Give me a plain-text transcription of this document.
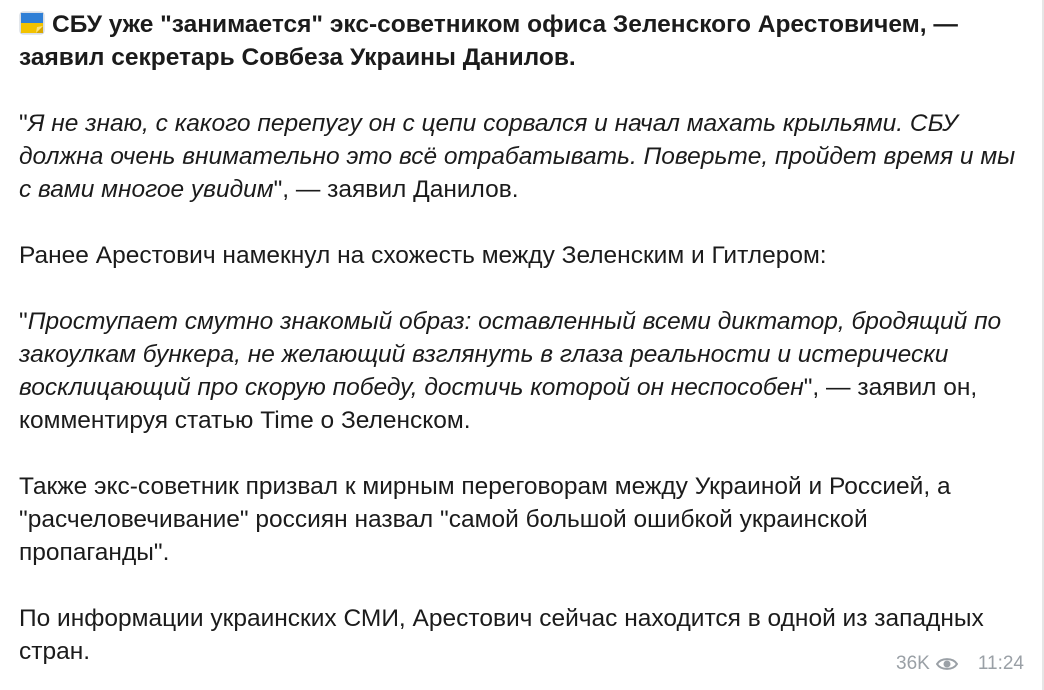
СБУ уже "занимается" экс-советником офиса Зеленского Арестовичем, — заявил секретарь Совбеза Украины Данилов.

"Я не знаю, с какого перепугу он с цепи сорвался и начал махать крыльями. СБУ должна очень внимательно это всё отрабатывать. Поверьте, пройдет время и мы с вами многое увидим", — заявил Данилов.

Ранее Арестович намекнул на схожесть между Зеленским и Гитлером:

"Проступает смутно знакомый образ: оставленный всеми диктатор, бродящий по закоулкам бункера, не желающий взглянуть в глаза реальности и истерически восклицающий про скорую победу, достичь которой он неспособен", — заявил он, комментируя статью Time о Зеленском.

Также экс-советник призвал к мирным переговорам между Украиной и Россией, а "расчеловечивание" россиян назвал "самой большой ошибкой украинской пропаганды".

По информации украинских СМИ, Арестович сейчас находится в одной из западных стран.	36K	11:24
